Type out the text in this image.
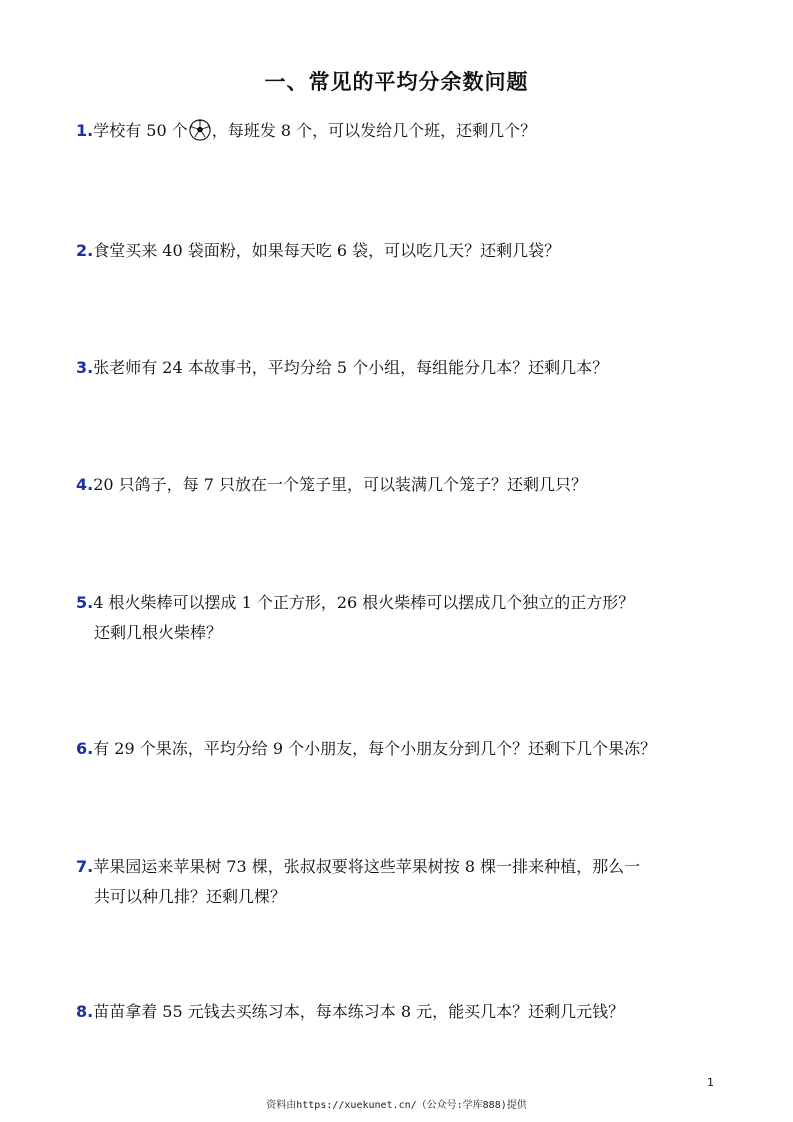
一、常见的平均分余数问题
1.学校有 50 个 ，每班发 8 个，可以发给几个班，还剩几个？
2.食堂买来 40 袋面粉，如果每天吃 6 袋，可以吃几天？还剩几袋？
3.张老师有 24 本故事书，平均分给 5 个小组，每组能分几本？还剩几本？
4.20 只鸽子，每 7 只放在一个笼子里，可以装满几个笼子？还剩几只？
5.4 根火柴棒可以摆成 1 个正方形，26 根火柴棒可以摆成几个独立的正方形？
还剩几根火柴棒？
6.有 29 个果冻，平均分给 9 个小朋友，每个小朋友分到几个？还剩下几个果冻？
7.苹果园运来苹果树 73 棵，张叔叔要将这些苹果树按 8 棵一排来种植，那么一
共可以种几排？还剩几棵？
8.苗苗拿着 55 元钱去买练习本，每本练习本 8 元，能买几本？还剩几元钱？
1
资料由https://xuekunet.cn/（公众号:学库888)提供
